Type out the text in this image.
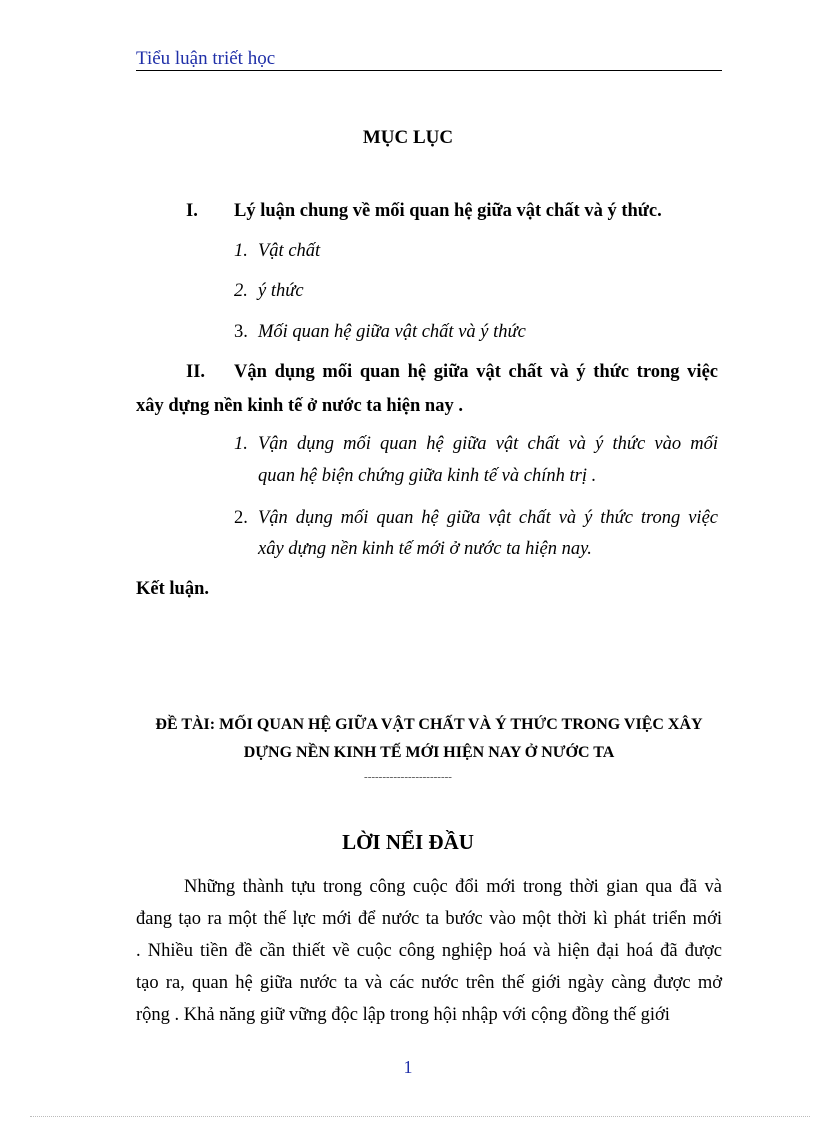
Tiểu luận triết học
MỤC LỤC
I. Lý luận chung về mối quan hệ giữa vật chất và ý thức.
1. Vật chất
2. ý thức
3. Mối quan hệ giữa vật chất và ý thức
II. Vận dụng mối quan hệ giữa vật chất và ý thức trong việc
xây dựng nền kinh tế ở nước ta hiện nay .
1. Vận dụng mối quan hệ giữa vật chất và ý thức vào mối
quan hệ biện chứng giữa kinh tế và chính trị .
2. Vận dụng mối quan hệ giữa vật chất và ý thức trong việc
xây dựng nền kinh tế mới ở nước ta hiện nay.
Kết luận.
ĐỀ TÀI: MỐI QUAN HỆ GIỮA VẬT CHẤT VÀ Ý THỨC TRONG VIỆC XÂY
DỰNG NỀN KINH TẾ MỚI HIỆN NAY Ở NƯỚC TA
------------------------
LỜI NỂI ĐẦU
Những thành tựu trong công cuộc đổi mới trong thời gian qua đã và
đang tạo ra một thế lực mới để nước ta bước vào một thời kì phát triển mới
. Nhiều tiền đề cần thiết về cuộc công nghiệp hoá và hiện đại hoá đã được
tạo ra, quan hệ giữa nước ta và các nước trên thế giới ngày càng được mở
rộng . Khả năng giữ vững độc lập trong hội nhập với cộng đồng thế giới
1
